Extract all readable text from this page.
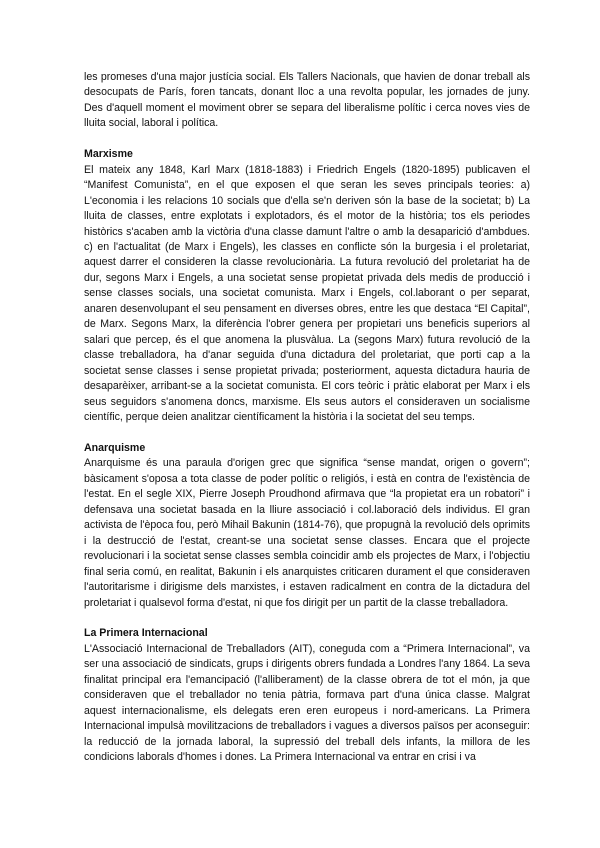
les promeses d'una major justícia social. Els Tallers Nacionals, que havien de donar treball als desocupats de París, foren tancats, donant lloc a una revolta popular, les jornades de juny. Des d'aquell moment el moviment obrer se separa del liberalisme polític i cerca noves vies de lluita social, laboral i política.

Marxisme

El mateix any 1848, Karl Marx (1818-1883) i Friedrich Engels (1820-1895) publicaven el “Manifest Comunista”, en el que exposen el que seran les seves principals teories: a) L'economia i les relacions 10 socials que d'ella se'n deriven són la base de la societat; b) La lluita de classes, entre explotats i explotadors, és el motor de la història; tos els periodes històrics s'acaben amb la victòria d'una classe damunt l'altre o amb la desaparició d'ambdues. c) en l'actualitat (de Marx i Engels), les classes en conflicte són la burgesia i el proletariat, aquest darrer el consideren la classe revolucionària. La futura revolució del proletariat ha de dur, segons Marx i Engels, a una societat sense propietat privada dels medis de producció i sense classes socials, una societat comunista. Marx i Engels, col.laborant o per separat, anaren desenvolupant el seu pensament en diverses obres, entre les que destaca “El Capital”, de Marx. Segons Marx, la diferència l'obrer genera per propietari uns beneficis superiors al salari que percep, és el que anomena la plusvàlua. La (segons Marx) futura revolució de la classe treballadora, ha d'anar seguida d'una dictadura del proletariat, que porti cap a la societat sense classes i sense propietat privada; posteriorment, aquesta dictadura hauria de desaparèixer, arribant-se a la societat comunista. El cors teòric i pràtic elaborat per Marx i els seus seguidors s'anomena doncs, marxisme. Els seus autors el consideraven un socialisme científic, perque deien analitzar científicament la història i la societat del seu temps.

Anarquisme

Anarquisme és una paraula d'origen grec que significa “sense mandat, origen o govern”; bàsicament s'oposa a tota classe de poder polític o religiós, i està en contra de l'existència de l'estat. En el segle XIX, Pierre Joseph Proudhond afirmava que “la propietat era un robatori” i defensava una societat basada en la lliure associació i col.laboració dels individus. El gran activista de l'època fou, però Mihail Bakunin (1814-76), que propugnà la revolució dels oprimits i la destrucció de l'estat, creant-se una societat sense classes. Encara que el projecte revolucionari i la societat sense classes sembla coincidir amb els projectes de Marx, i l'objectiu final seria comú, en realitat, Bakunin i els anarquistes criticaren durament el que consideraven l'autoritarisme i dirigisme dels marxistes, i estaven radicalment en contra de la dictadura del proletariat i qualsevol forma d'estat, ni que fos dirigit per un partit de la classe treballadora.

La Primera Internacional

L'Associació Internacional de Treballadors (AIT), coneguda com a “Primera Internacional”, va ser una associació de sindicats, grups i dirigents obrers fundada a Londres l'any 1864. La seva finalitat principal era l'emancipació (l'alliberament) de la classe obrera de tot el món, ja que consideraven que el treballador no tenia pàtria, formava part d'una única classe. Malgrat aquest internacionalisme, els delegats eren eren europeus i nord-americans. La Primera Internacional impulsà movilitzacions de treballadors i vagues a diversos països per aconseguir: la reducció de la jornada laboral, la supressió del treball dels infants, la millora de les condicions laborals d'homes i dones. La Primera Internacional va entrar en crisi i va
